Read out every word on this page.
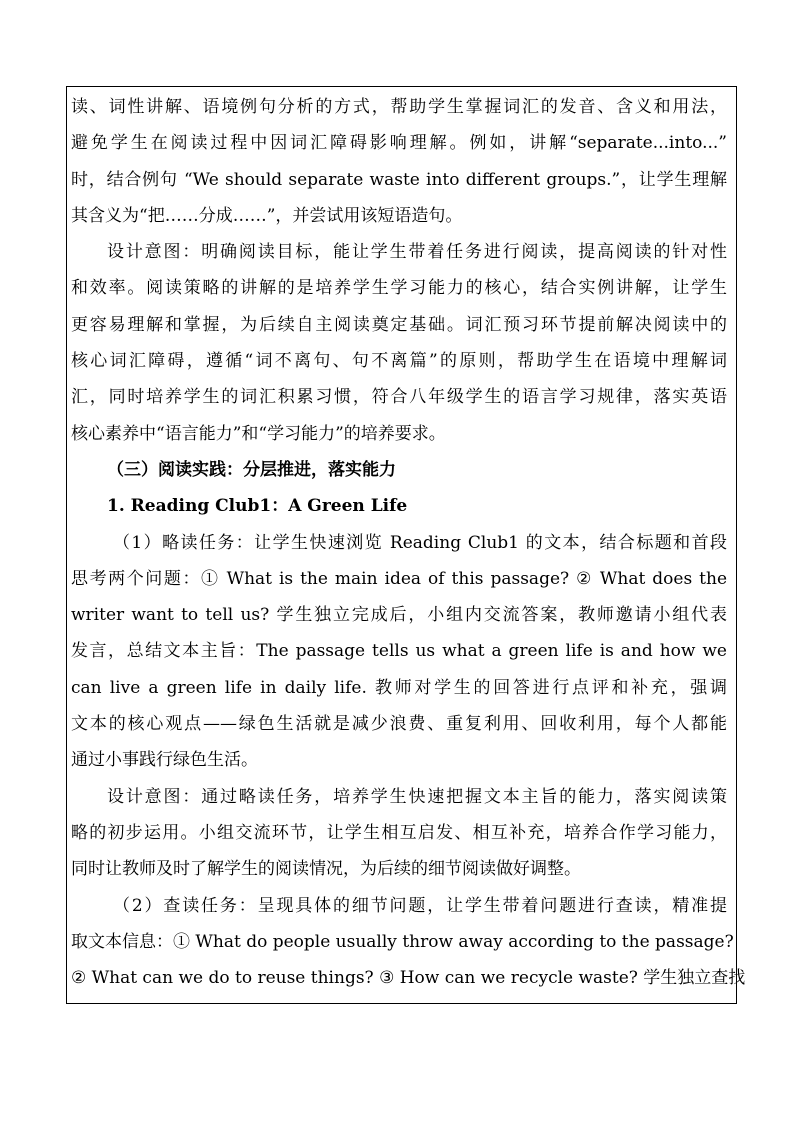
读、词性讲解、语境例句分析的方式，帮助学生掌握词汇的发音、含义和用法，
避免学生在阅读过程中因词汇障碍影响理解。例如，讲解“separate...into...”
时，结合例句 “We should separate waste into different groups.”，让学生理解
其含义为“把……分成……”，并尝试用该短语造句。
设计意图：明确阅读目标，能让学生带着任务进行阅读，提高阅读的针对性
和效率。阅读策略的讲解的是培养学生学习能力的核心，结合实例讲解，让学生
更容易理解和掌握，为后续自主阅读奠定基础。词汇预习环节提前解决阅读中的
核心词汇障碍，遵循“词不离句、句不离篇”的原则，帮助学生在语境中理解词
汇，同时培养学生的词汇积累习惯，符合八年级学生的语言学习规律，落实英语
核心素养中“语言能力”和“学习能力”的培养要求。
（三）阅读实践：分层推进，落实能力
1. Reading Club1：A Green Life
（1）略读任务：让学生快速浏览 Reading Club1 的文本，结合标题和首段
思考两个问题：① What is the main idea of this passage? ② What does the
writer want to tell us? 学生独立完成后，小组内交流答案，教师邀请小组代表
发言，总结文本主旨：The passage tells us what a green life is and how we
can live a green life in daily life. 教师对学生的回答进行点评和补充，强调
文本的核心观点——绿色生活就是减少浪费、重复利用、回收利用，每个人都能
通过小事践行绿色生活。
设计意图：通过略读任务，培养学生快速把握文本主旨的能力，落实阅读策
略的初步运用。小组交流环节，让学生相互启发、相互补充，培养合作学习能力，
同时让教师及时了解学生的阅读情况，为后续的细节阅读做好调整。
（2）查读任务：呈现具体的细节问题，让学生带着问题进行查读，精准提
取文本信息：① What do people usually throw away according to the passage?
② What can we do to reuse things? ③ How can we recycle waste? 学生独立查找
